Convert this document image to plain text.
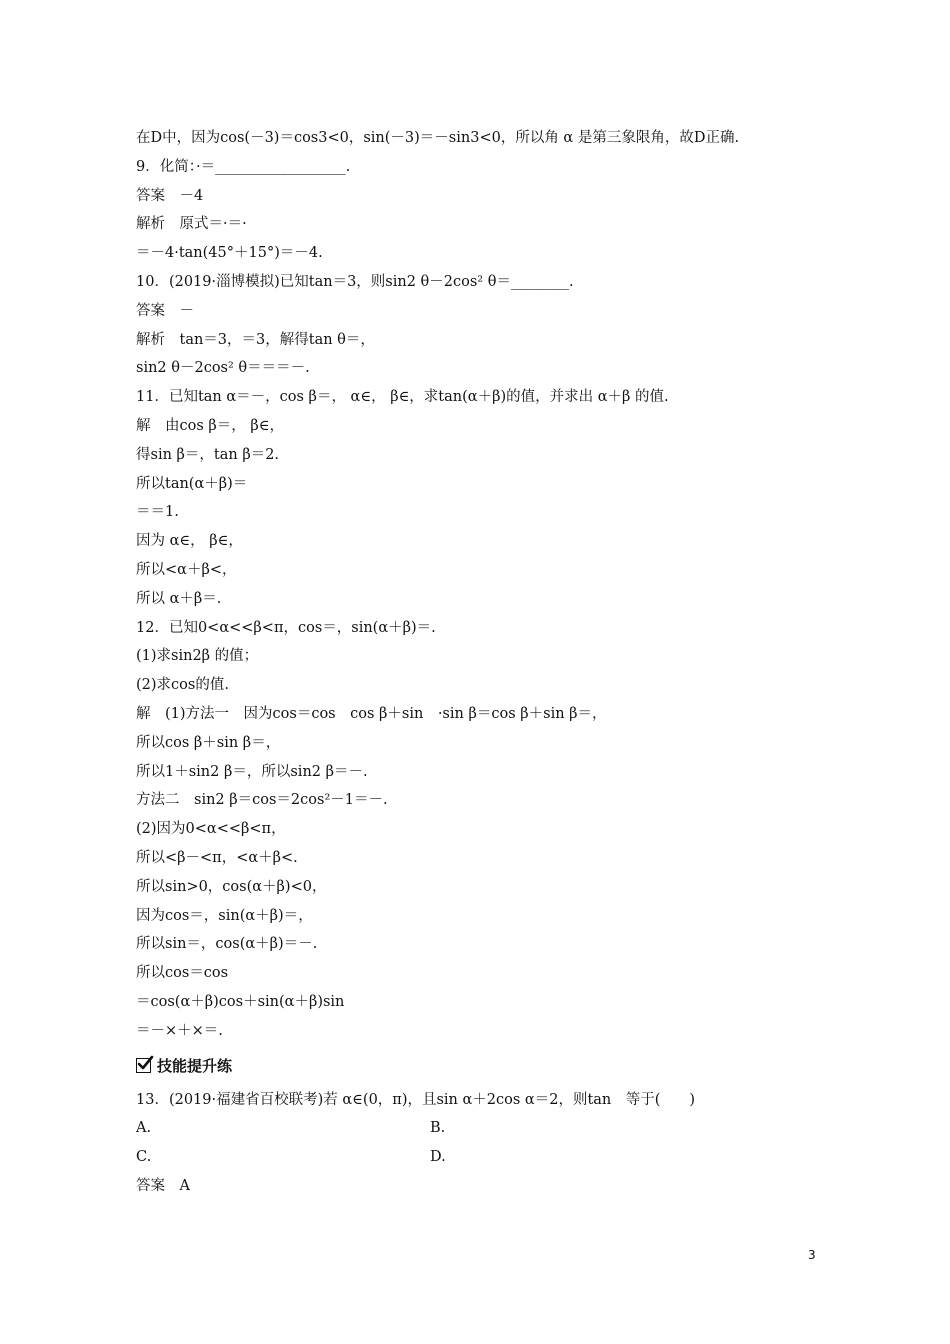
在D中，因为cos(－3)＝cos3<0，sin(－3)＝－sin3<0，所以角 α 是第三象限角，故D正确.
9．化简：·＝__________________.
答案　－4
解析　原式＝·＝·
＝－4·tan(45°＋15°)＝－4.
10．(2019·淄博模拟)已知tan＝3，则sin2 θ－2cos² θ＝________.
答案　－
解析　tan＝3，＝3，解得tan θ＝，
sin2 θ－2cos² θ＝＝＝－.
11．已知tan α＝－，cos β＝， α∈， β∈，求tan(α＋β)的值，并求出 α＋β 的值.
解　由cos β＝， β∈，
得sin β＝，tan β＝2.
所以tan(α＋β)＝
＝＝1.
因为 α∈， β∈，
所以<α＋β<，
所以 α＋β＝.
12．已知0<α<<β<π，cos＝，sin(α＋β)＝.
(1)求sin2β 的值；
(2)求cos的值.
解　(1)方法一　因为cos＝cos　cos β＋sin　·sin β＝cos β＋sin β＝，
所以cos β＋sin β＝，
所以1＋sin2 β＝，所以sin2 β＝－.
方法二　sin2 β＝cos＝2cos²－1＝－.
(2)因为0<α<<β<π，
所以<β－<π，<α＋β<.
所以sin>0，cos(α＋β)<0，
因为cos＝，sin(α＋β)＝，
所以sin＝，cos(α＋β)＝－.
所以cos＝cos
＝cos(α＋β)cos＋sin(α＋β)sin
＝－×＋×＝.
技能提升练
13．(2019·福建省百校联考)若 α∈(0，π)，且sin α＋2cos α＝2，则tan　等于(　　)
A.	B.
C.	D.
答案　A
3
